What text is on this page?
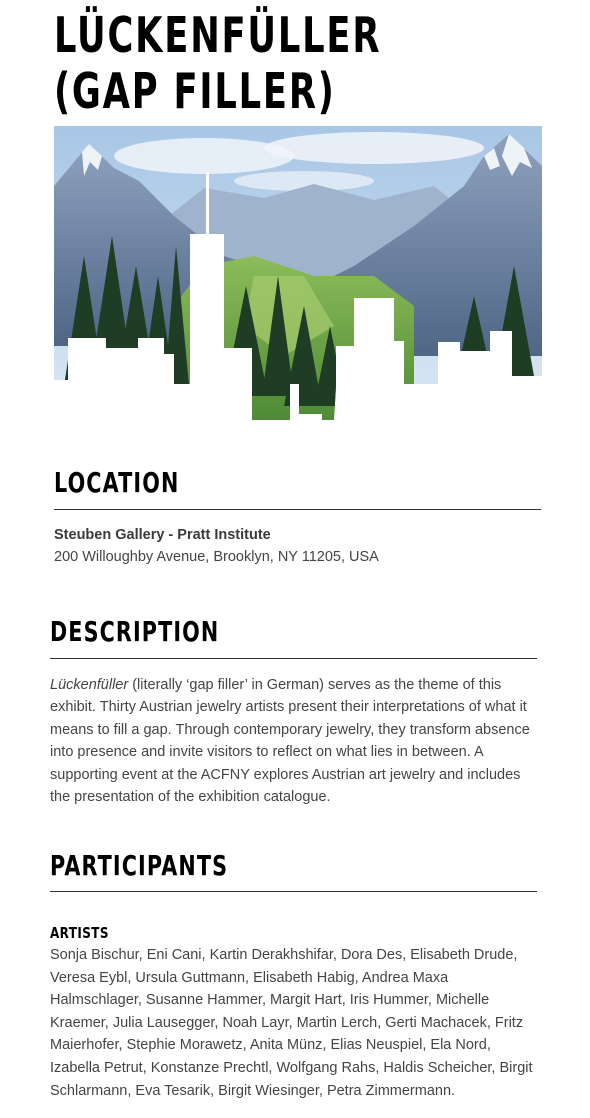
LÜCKENFÜLLER
(GAP FILLER)
LOCATION
Steuben Gallery - Pratt Institute
200 Willoughby Avenue, Brooklyn, NY 11205, USA
DESCRIPTION

Lückenfüller (literally ‘gap filler’ in German) serves as the theme of this exhibit. Thirty Austrian jewelry artists present their interpretations of what it means to fill a gap. Through contemporary jewelry, they transform absence into presence and invite visitors to reflect on what lies in between. A supporting event at the ACFNY explores Austrian art jewelry and includes the presentation of the exhibition catalogue.

PARTICIPANTS
ARTISTS

Sonja Bischur, Eni Cani, Kartin Derakhshifar, Dora Des, Elisabeth Drude, Veresa Eybl, Ursula Guttmann, Elisabeth Habig, Andrea Maxa Halmschlager, Susanne Hammer, Margit Hart, Iris Hummer, Michelle Kraemer, Julia Lausegger, Noah Layr, Martin Lerch, Gerti Machacek, Fritz Maierhofer, Stephie Morawetz, Anita Münz, Elias Neuspiel, Ela Nord, Izabella Petrut, Konstanze Prechtl, Wolfgang Rahs, Haldis Scheicher, Birgit Schlarmann, Eva Tesarik, Birgit Wiesinger, Petra Zimmermann.
